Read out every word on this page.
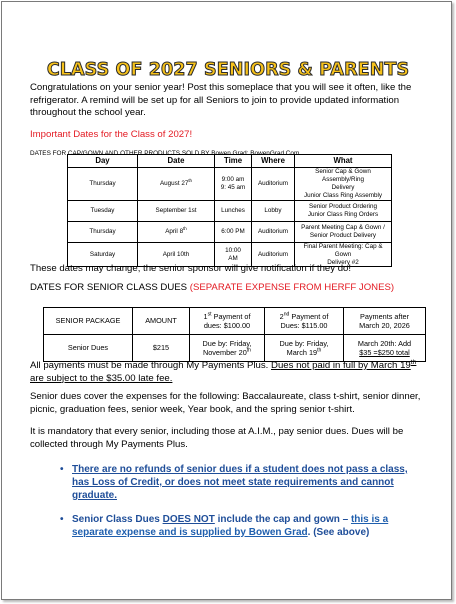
CLASS OF 2027 SENIORS & PARENTS

Congratulations on your senior year! Post this someplace that you will see it often, like the refrigerator. A remind will be set up for all Seniors to join to provide updated information throughout the school year.

Important Dates for the Class of 2027!

DATES FOR CAP/GOWN AND OTHER PRODUCTS SOLD BY Bowen Grad: BowenGrad.Com

Day	Date	Time	Where	What
Thursday	August 27th	9:00 am
9: 45 am	Auditorium	Senior Cap & Gown Assembly/Ring
Delivery
Junior Class Ring Assembly
Tuesday	September 1st	Lunches	Lobby	Senior Product Ordering
Junior Class Ring Orders
Thursday	April 8th	6:00 PM	Auditorium	Parent Meeting Cap & Gown /
Senior Product Delivery
Saturday	April 10th	10:00
AM	Auditorium	Final Parent Meeting: Cap & Gown
Delivery #2

These dates may change; the senior sponsor will give notification if they do!

DATES FOR SENIOR CLASS DUES (SEPARATE EXPENSE FROM HERFF JONES)

SENIOR PACKAGE	AMOUNT	1st Payment of
dues: $100.00	2nd Payment of
Dues: $115.00	Payments after
March 20, 2026
Senior Dues	$215	Due by: Friday,
November 20th	Due by: Friday,
March 19th	March 20th: Add
$35 =$250 total

All payments must be made through My Payments Plus. Dues not paid in full by March 19th are subject to the $35.00 late fee.

Senior dues cover the expenses for the following: Baccalaureate, class t-shirt, senior dinner, picnic, graduation fees, senior week, Year book, and the spring senior t-shirt.

It is mandatory that every senior, including those at A.I.M., pay senior dues. Dues will be collected through My Payments Plus.

• There are no refunds of senior dues if a student does not pass a class, has Loss of Credit, or does not meet state requirements and cannot graduate.
• Senior Class Dues DOES NOT include the cap and gown – this is a separate expense and is supplied by Bowen Grad. (See above)
